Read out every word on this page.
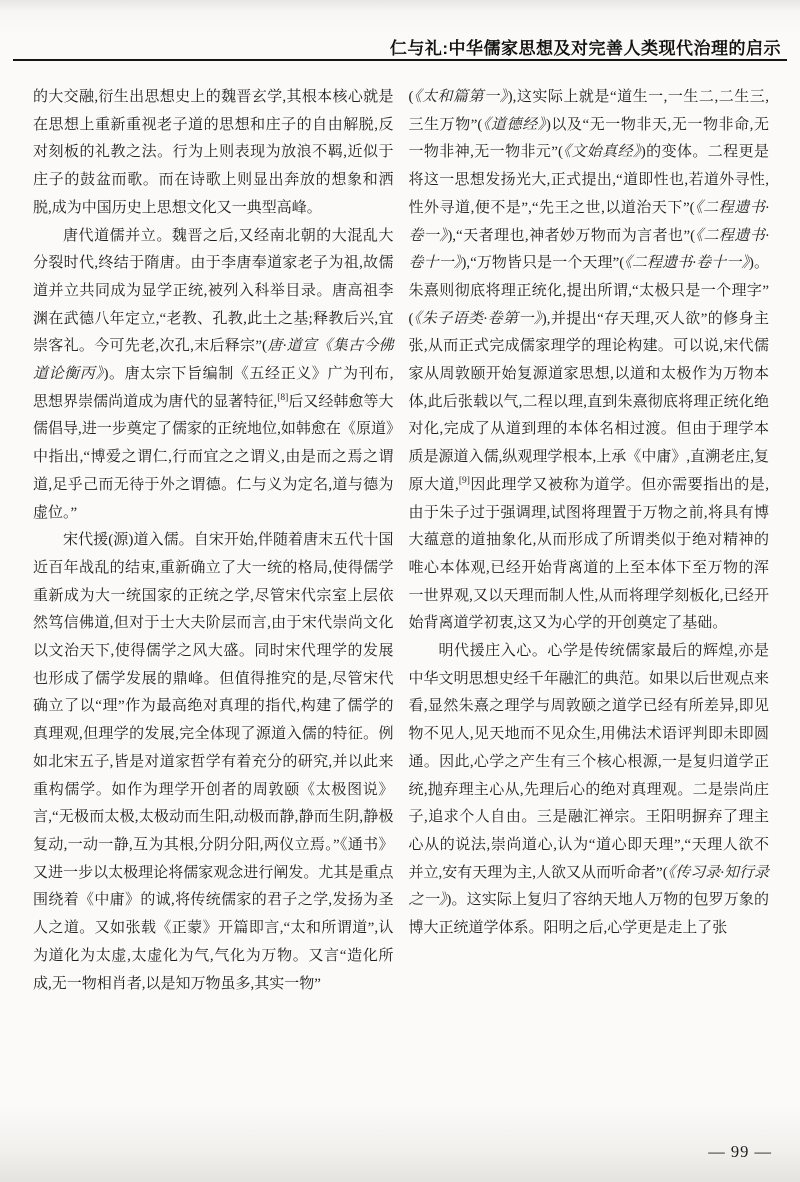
仁与礼:中华儒家思想及对完善人类现代治理的启示

的大交融,衍生出思想史上的魏晋玄学,其根本核心就是在思想上重新重视老子道的思想和庄子的自由解脱,反对刻板的礼教之法。行为上则表现为放浪不羁,近似于庄子的鼓盆而歌。而在诗歌上则显出奔放的想象和洒脱,成为中国历史上思想文化又一典型高峰。

唐代道儒并立。魏晋之后,又经南北朝的大混乱大分裂时代,终结于隋唐。由于李唐奉道家老子为祖,故儒道并立共同成为显学正统,被列入科举目录。唐高祖李渊在武德八年定立,“老教、孔教,此土之基;释教后兴,宜崇客礼。今可先老,次孔,末后释宗”(唐·道宣《集古今佛道论衡丙》)。唐太宗下旨编制《五经正义》广为刊布,思想界崇儒尚道成为唐代的显著特征,[8]后又经韩愈等大儒倡导,进一步奠定了儒家的正统地位,如韩愈在《原道》中指出,“博爱之谓仁,行而宜之之谓义,由是而之焉之谓道,足乎己而无待于外之谓德。仁与义为定名,道与德为虚位。”

宋代援(源)道入儒。自宋开始,伴随着唐末五代十国近百年战乱的结束,重新确立了大一统的格局,使得儒学重新成为大一统国家的正统之学,尽管宋代宗室上层依然笃信佛道,但对于士大夫阶层而言,由于宋代崇尚文化以文治天下,使得儒学之风大盛。同时宋代理学的发展也形成了儒学发展的鼎峰。但值得推究的是,尽管宋代确立了以“理”作为最高绝对真理的指代,构建了儒学的真理观,但理学的发展,完全体现了源道入儒的特征。例如北宋五子,皆是对道家哲学有着充分的研究,并以此来重构儒学。如作为理学开创者的周敦颐《太极图说》言,“无极而太极,太极动而生阳,动极而静,静而生阴,静极复动,一动一静,互为其根,分阴分阳,两仪立焉。”《通书》又进一步以太极理论将儒家观念进行阐发。尤其是重点围绕着《中庸》的诚,将传统儒家的君子之学,发扬为圣人之道。又如张载《正蒙》开篇即言,“太和所谓道”,认为道化为太虚,太虚化为气,气化为万物。又言“造化所成,无一物相肖者,以是知万物虽多,其实一物”

(《太和篇第一》),这实际上就是“道生一,一生二,二生三,三生万物”(《道德经》)以及“无一物非天,无一物非命,无一物非神,无一物非元”(《文始真经》)的变体。二程更是将这一思想发扬光大,正式提出,“道即性也,若道外寻性,性外寻道,便不是”,“先王之世,以道治天下”(《二程遗书·卷一》),“天者理也,神者妙万物而为言者也”(《二程遗书·卷十一》),“万物皆只是一个天理”(《二程遗书·卷十一》)。朱熹则彻底将理正统化,提出所谓,“太极只是一个理字”(《朱子语类·卷第一》),并提出“存天理,灭人欲”的修身主张,从而正式完成儒家理学的理论构建。可以说,宋代儒家从周敦颐开始复源道家思想,以道和太极作为万物本体,此后张载以气,二程以理,直到朱熹彻底将理正统化绝对化,完成了从道到理的本体名相过渡。但由于理学本质是源道入儒,纵观理学根本,上承《中庸》,直溯老庄,复原大道,[9]因此理学又被称为道学。但亦需要指出的是,由于朱子过于强调理,试图将理置于万物之前,将具有博大蕴意的道抽象化,从而形成了所谓类似于绝对精神的唯心本体观,已经开始背离道的上至本体下至万物的浑一世界观,又以天理而制人性,从而将理学刻板化,已经开始背离道学初衷,这又为心学的开创奠定了基础。

明代援庄入心。心学是传统儒家最后的辉煌,亦是中华文明思想史经千年融汇的典范。如果以后世观点来看,显然朱熹之理学与周敦颐之道学已经有所差异,即见物不见人,见天地而不见众生,用佛法术语评判即未即圆通。因此,心学之产生有三个核心根源,一是复归道学正统,抛弃理主心从,先理后心的绝对真理观。二是崇尚庄子,追求个人自由。三是融汇禅宗。王阳明摒弃了理主心从的说法,崇尚道心,认为“道心即天理”,“天理人欲不并立,安有天理为主,人欲又从而听命者”(《传习录·知行录之一》)。这实际上复归了容纳天地人万物的包罗万象的博大正统道学体系。阳明之后,心学更是走上了张

— 99 —
